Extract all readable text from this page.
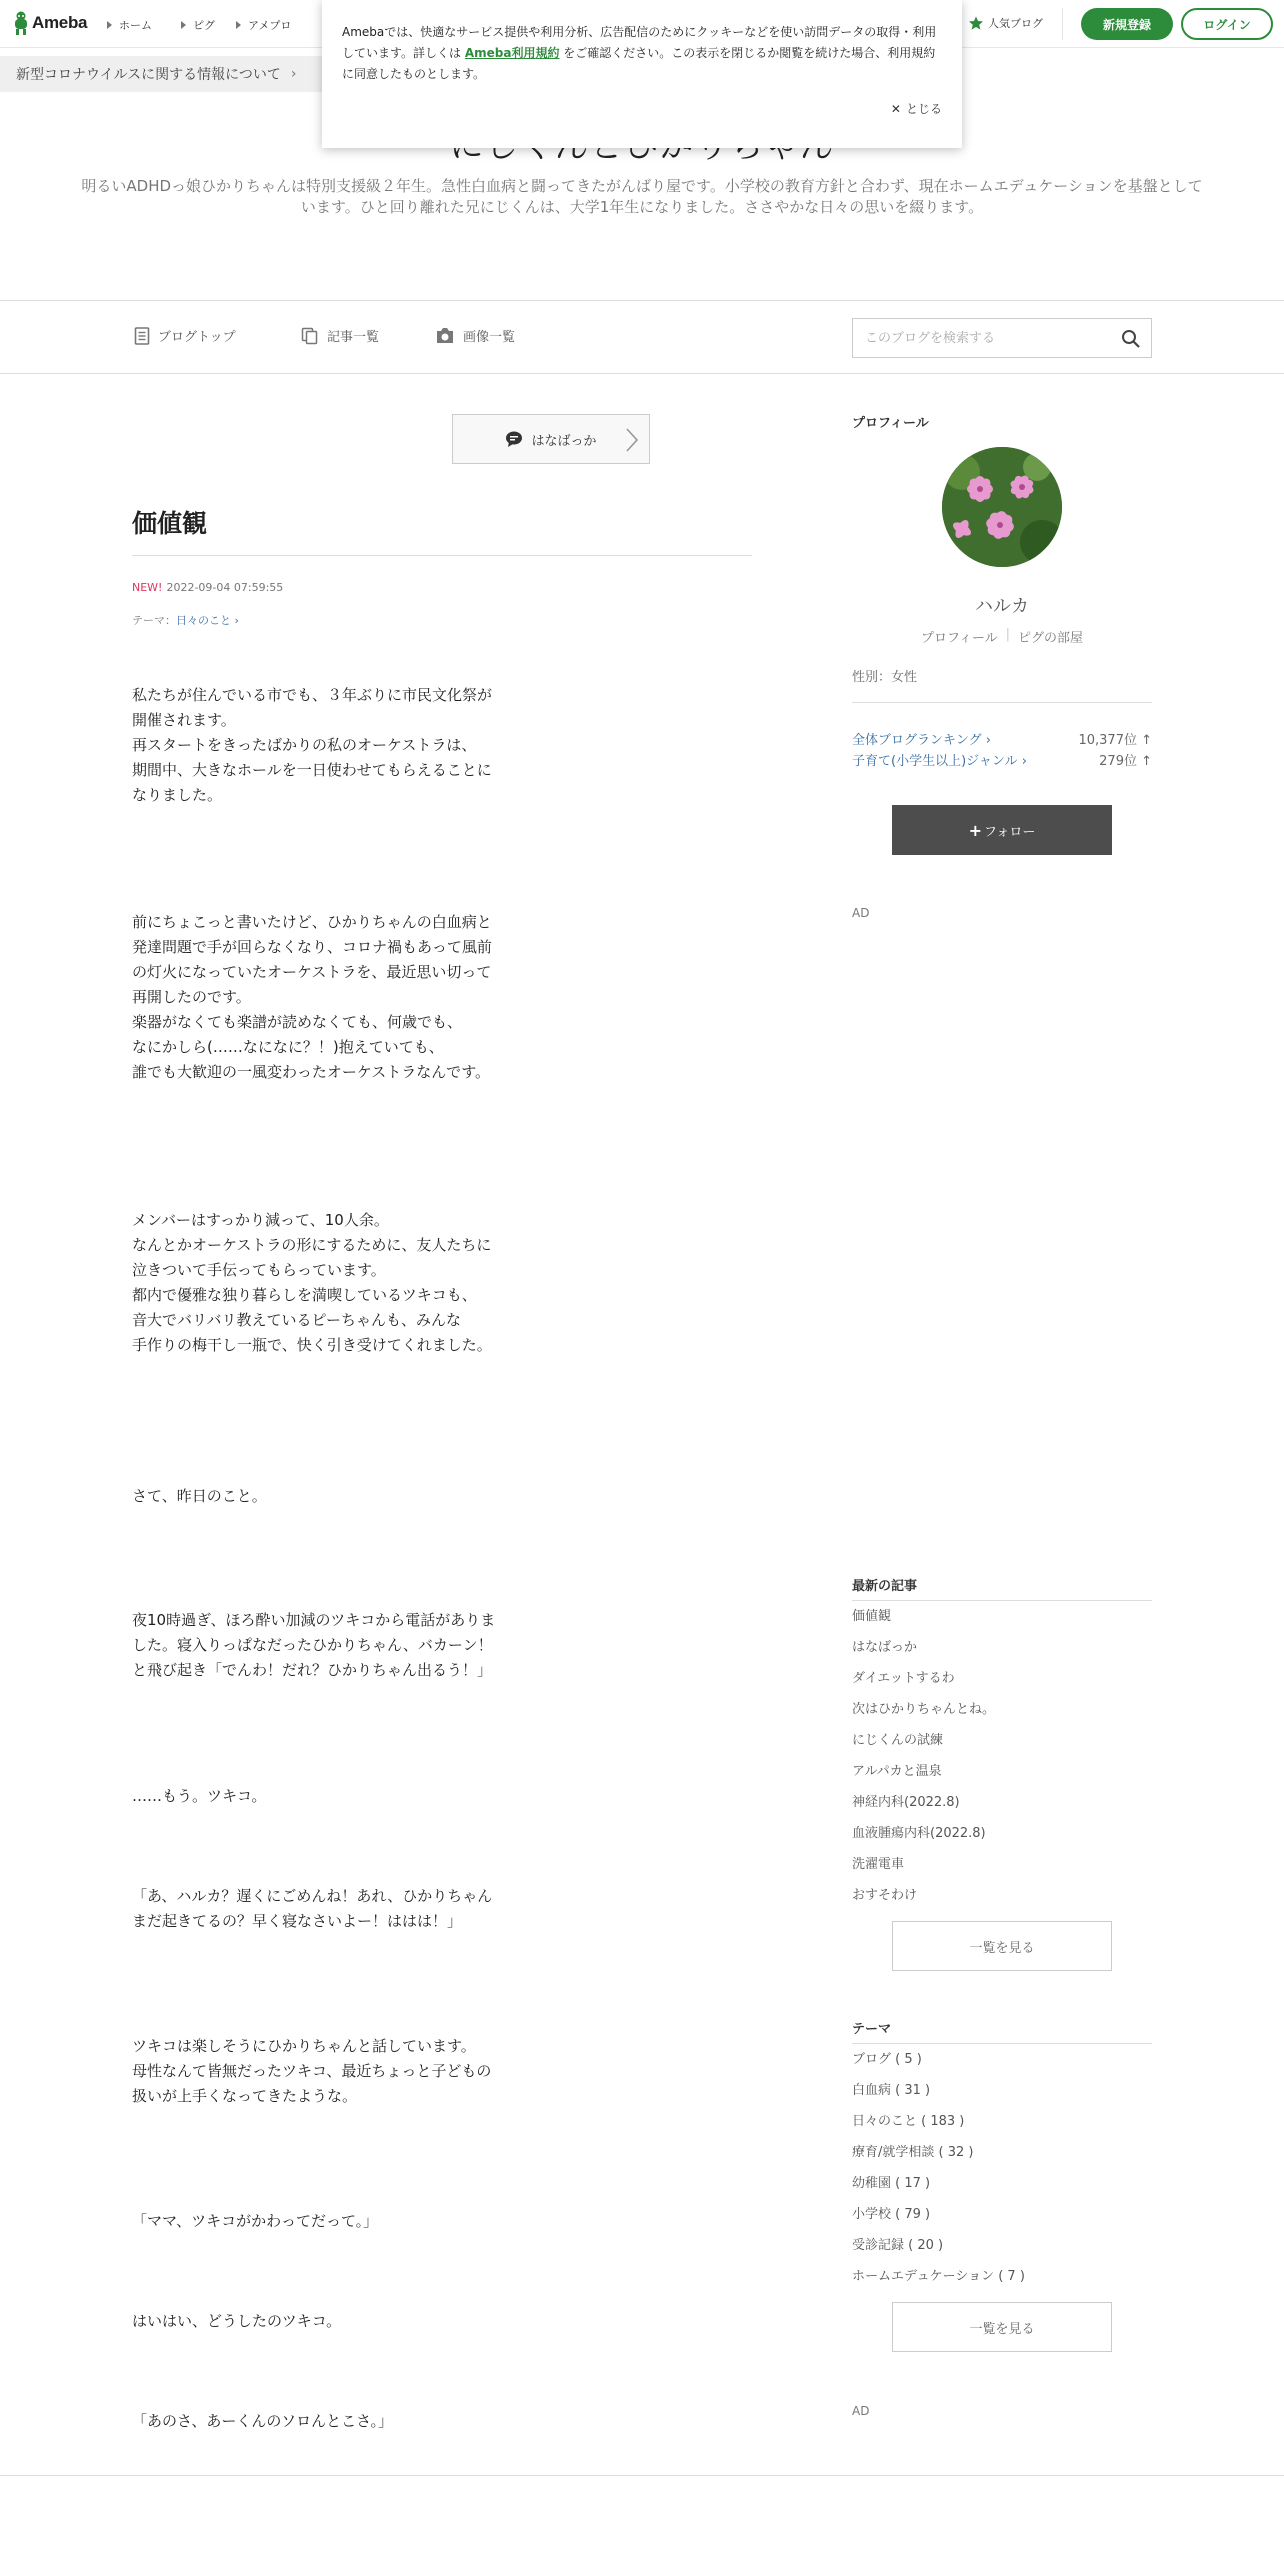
Ameba	ホーム	ピグ	アメプロ	人気ブログ	新規登録	ログイン
新型コロナウイルスに関する情報について ›
明るいADHDっ娘ひかりちゃんは特別支援級２年生。急性白血病と闘ってきたがんばり屋です。小学校の教育方針と合わず、現在ホームエデュケーションを基盤としています。ひと回り離れた兄にじくんは、大学1年生になりました。ささやかな日々の思いを綴ります。

Amebaでは、快適なサービス提供や利用分析、広告配信のためにクッキーなどを使い訪問データの取得・利用しています。詳しくは Ameba利用規約 をご確認ください。この表示を閉じるか閲覧を続けた場合、利用規約に同意したものとします。

✕ とじる
ブログトップ	記事一覧	画像一覧
このブログを検索する
はなばっか
価値観
NEW! 2022-09-04 07:59:55
テーマ：日々のこと ›
私たちが住んでいる市でも、３年ぶりに市民文化祭が
開催されます。
再スタートをきったばかりの私のオーケストラは、
期間中、大きなホールを一日使わせてもらえることに
なりました。
前にちょこっと書いたけど、ひかりちゃんの白血病と
発達問題で手が回らなくなり、コロナ禍もあって風前
の灯火になっていたオーケストラを、最近思い切って
再開したのです。
楽器がなくても楽譜が読めなくても、何歳でも、
なにかしら(……なになに？！)抱えていても、
誰でも大歓迎の一風変わったオーケストラなんです。
メンバーはすっかり減って、10人余。
なんとかオーケストラの形にするために、友人たちに
泣きついて手伝ってもらっています。
都内で優雅な独り暮らしを満喫しているツキコも、
音大でバリバリ教えているピーちゃんも、みんな
手作りの梅干し一瓶で、快く引き受けてくれました。
さて、昨日のこと。
夜10時過ぎ、ほろ酔い加減のツキコから電話がありま
した。寝入りっぱなだったひかりちゃん、バカーン！
と飛び起き「でんわ！だれ？ひかりちゃん出るう！」
……もう。ツキコ。
「あ、ハルカ？遅くにごめんね！あれ、ひかりちゃん
まだ起きてるの？早く寝なさいよー！ははは！」
ツキコは楽しそうにひかりちゃんと話しています。
母性なんて皆無だったツキコ、最近ちょっと子どもの
扱いが上手くなってきたような。
「ママ、ツキコがかわってだって。」
はいはい、どうしたのツキコ。
「あのさ、あーくんのソロんとこさ。」
プロフィール
ハルカ
プロフィール | ピグの部屋
性別：女性
全体ブログランキング ›	10,377位 ↑
子育て(小学生以上)ジャンル ›	279位 ↑
+ フォロー
AD
最新の記事
価値観
はなばっか
ダイエットするわ
次はひかりちゃんとね。
にじくんの試練
アルパカと温泉
神経内科(2022.8)
血液腫瘍内科(2022.8)
洗濯電車
おすそわけ
一覧を見る
テーマ
ブログ ( 5 )
白血病 ( 31 )
日々のこと ( 183 )
療育/就学相談 ( 32 )
幼稚園 ( 17 )
小学校 ( 79 )
受診記録 ( 20 )
ホームエデュケーション ( 7 )
一覧を見る
AD
